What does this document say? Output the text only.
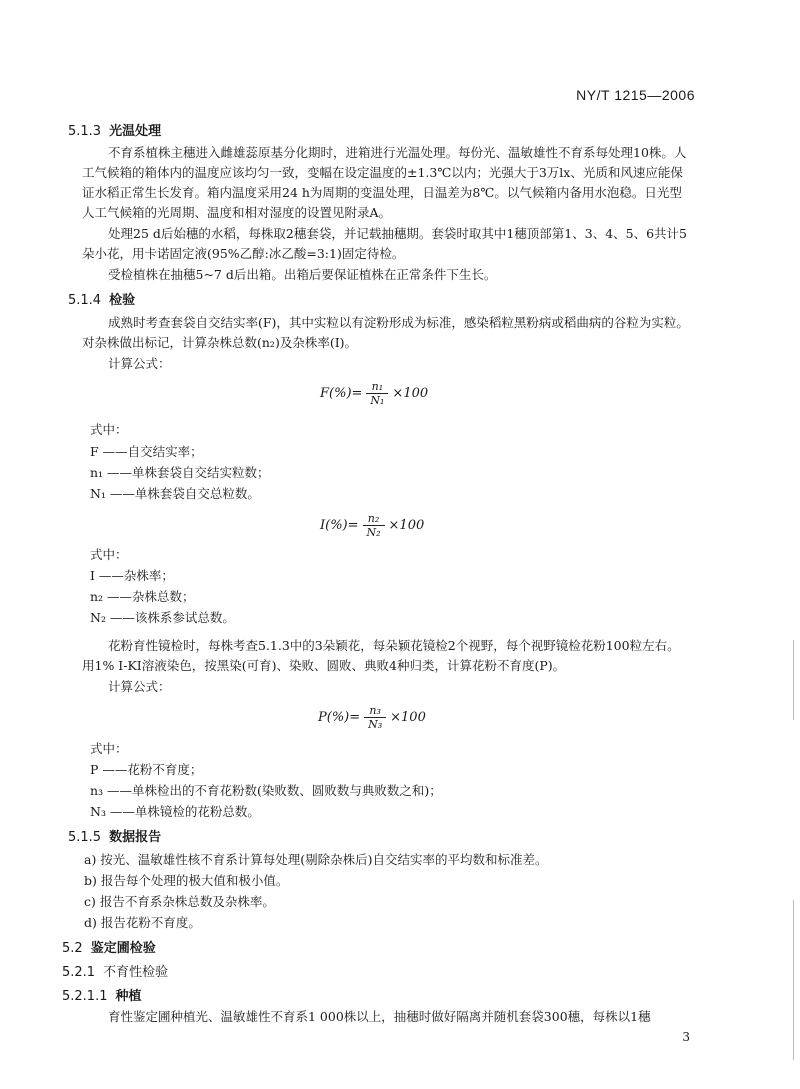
NY/T 1215—2006
5.1.3 光温处理
不育系植株主穗进入雌雄蕊原基分化期时，进箱进行光温处理。每份光、温敏雄性不育系每处理10株。人工气候箱的箱体内的温度应该均匀一致，变幅在设定温度的±1.3℃以内；光强大于3万lx、光质和风速应能保证水稻正常生长发育。箱内温度采用24 h为周期的变温处理，日温差为8℃。以气候箱内备用水泡稳。日光型人工气候箱的光周期、温度和相对湿度的设置见附录A。
处理25 d后始穗的水稻，每株取2穗套袋，并记载抽穗期。套袋时取其中1穗顶部第1、3、4、5、6共计5朵小花，用卡诺固定液(95%乙醇:冰乙酸=3:1)固定待检。
受检植株在抽穗5~7 d后出箱。出箱后要保证植株在正常条件下生长。
5.1.4 检验
成熟时考查套袋自交结实率(F)，其中实粒以有淀粉形成为标准，感染稻粒黑粉病或稻曲病的谷粒为实粒。对杂株做出标记，计算杂株总数(n₂)及杂株率(I)。
计算公式：
$F(\%)= \frac{\text{n₁}}{\text{N₁}} \times 100$
式中：
F ——自交结实率；
n₁ ——单株套袋自交结实粒数；
N₁ ——单株套袋自交总粒数。
$I(\%)= \frac{\text{n₂}}{\text{N₂}} \times 100$
式中：
I ——杂株率；
n₂ ——杂株总数；
N₂ ——该株系参试总数。
花粉育性镜检时，每株考查5.1.3中的3朵颖花，每朵颖花镜检2个视野，每个视野镜检花粉100粒左右。用1% I-KI溶液染色，按黑染(可育)、染败、圆败、典败4种归类，计算花粉不育度(P)。
计算公式：
$P(\%)= \frac{\text{n₃}}{\text{N₃}} \times 100$
式中：
P ——花粉不育度；
n₃ ——单株检出的不育花粉数(染败数、圆败数与典败数之和)；
N₃ ——单株镜检的花粉总数。
5.1.5 数据报告
a) 按光、温敏雄性核不育系计算每处理(剔除杂株后)自交结实率的平均数和标准差。
b) 报告每个处理的极大值和极小值。
c) 报告不育系杂株总数及杂株率。
d) 报告花粉不育度。
5.2 鉴定圃检验
5.2.1 不育性检验
5.2.1.1 种植
育性鉴定圃种植光、温敏雄性不育系1 000株以上，抽穗时做好隔离并随机套袋300穗，每株以1穗
3
